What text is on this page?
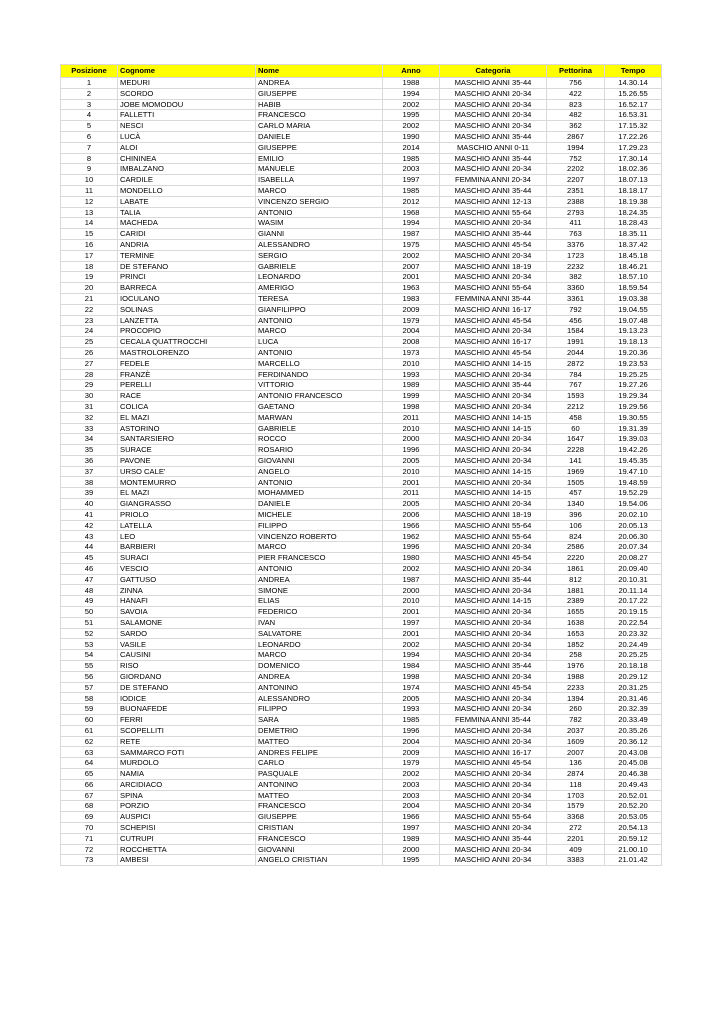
Posizione	Cognome	Nome	Anno	Categoria	Pettorina	Tempo
1	MEDURI	ANDREA	1988	MASCHIO ANNI 35-44	756	14.30.14
2	SCORDO	GIUSEPPE	1994	MASCHIO ANNI 20-34	422	15.26.55
3	JOBE MOMODOU	HABIB	2002	MASCHIO ANNI 20-34	823	16.52.17
4	FALLETTI	FRANCESCO	1995	MASCHIO ANNI 20-34	482	16.53.31
5	NESCI	CARLO MARIA	2002	MASCHIO ANNI 20-34	362	17.15.32
6	LUCÀ	DANIELE	1990	MASCHIO ANNI 35-44	2867	17.22.26
7	ALOI	GIUSEPPE	2014	MASCHIO ANNI 0-11	1994	17.29.23
8	CHININEA	EMILIO	1985	MASCHIO ANNI 35-44	752	17.30.14
9	IMBALZANO	MANUELE	2003	MASCHIO ANNI 20-34	2202	18.02.36
10	CARDILE	ISABELLA	1997	FEMMINA ANNI 20-34	2207	18.07.13
11	MONDELLO	MARCO	1985	MASCHIO ANNI 35-44	2351	18.18.17
12	LABATE	VINCENZO SERGIO	2012	MASCHIO ANNI 12-13	2388	18.19.38
13	TALIA	ANTONIO	1968	MASCHIO ANNI 55-64	2793	18.24.35
14	MACHEDA	WASIM	1994	MASCHIO ANNI 20-34	411	18.28.43
15	CARIDI	GIANNI	1987	MASCHIO ANNI 35-44	763	18.35.11
16	ANDRIA	ALESSANDRO	1975	MASCHIO ANNI 45-54	3376	18.37.42
17	TERMINE	SERGIO	2002	MASCHIO ANNI 20-34	1723	18.45.18
18	DE STEFANO	GABRIELE	2007	MASCHIO ANNI 18-19	2232	18.46.21
19	PRINCI	LEONARDO	2001	MASCHIO ANNI 20-34	382	18.57.10
20	BARRECA	AMERIGO	1963	MASCHIO ANNI 55-64	3360	18.59.54
21	IOCULANO	TERESA	1983	FEMMINA ANNI 35-44	3361	19.03.38
22	SOLINAS	GIANFILIPPO	2009	MASCHIO ANNI 16-17	792	19.04.55
23	LANZETTA	ANTONIO	1979	MASCHIO ANNI 45-54	456	19.07.48
24	PROCOPIO	MARCO	2004	MASCHIO ANNI 20-34	1584	19.13.23
25	CECALA QUATTROCCHI	LUCA	2008	MASCHIO ANNI 16-17	1991	19.18.13
26	MASTROLORENZO	ANTONIO	1973	MASCHIO ANNI 45-54	2044	19.20.36
27	FEDELE	MARCELLO	2010	MASCHIO ANNI 14-15	2872	19.23.53
28	FRANZÈ	FERDINANDO	1993	MASCHIO ANNI 20-34	784	19.25.25
29	PERELLI	VITTORIO	1989	MASCHIO ANNI 35-44	767	19.27.26
30	RACE	ANTONIO FRANCESCO	1999	MASCHIO ANNI 20-34	1593	19.29.34
31	COLICA	GAETANO	1998	MASCHIO ANNI 20-34	2212	19.29.56
32	EL MAZI	MARWAN	2011	MASCHIO ANNI 14-15	458	19.30.55
33	ASTORINO	GABRIELE	2010	MASCHIO ANNI 14-15	60	19.31.39
34	SANTARSIERO	ROCCO	2000	MASCHIO ANNI 20-34	1647	19.39.03
35	SURACE	ROSARIO	1996	MASCHIO ANNI 20-34	2228	19.42.26
36	PAVONE	GIOVANNI	2005	MASCHIO ANNI 20-34	141	19.45.35
37	URSO CALE'	ANGELO	2010	MASCHIO ANNI 14-15	1969	19.47.10
38	MONTEMURRO	ANTONIO	2001	MASCHIO ANNI 20-34	1505	19.48.59
39	EL MAZI	MOHAMMED	2011	MASCHIO ANNI 14-15	457	19.52.29
40	GIANGRASSO	DANIELE	2005	MASCHIO ANNI 20-34	1340	19.54.06
41	PRIOLO	MICHELE	2006	MASCHIO ANNI 18-19	396	20.02.10
42	LATELLA	FILIPPO	1966	MASCHIO ANNI 55-64	106	20.05.13
43	LEO	VINCENZO ROBERTO	1962	MASCHIO ANNI 55-64	824	20.06.30
44	BARBIERI	MARCO	1996	MASCHIO ANNI 20-34	2586	20.07.34
45	SURACI	PIER FRANCESCO	1980	MASCHIO ANNI 45-54	2220	20.08.27
46	VESCIO	ANTONIO	2002	MASCHIO ANNI 20-34	1861	20.09.40
47	GATTUSO	ANDREA	1987	MASCHIO ANNI 35-44	812	20.10.31
48	ZINNA	SIMONE	2000	MASCHIO ANNI 20-34	1881	20.11.14
49	HANAFI	ELIAS	2010	MASCHIO ANNI 14-15	2389	20.17.22
50	SAVOIA	FEDERICO	2001	MASCHIO ANNI 20-34	1655	20.19.15
51	SALAMONE	IVAN	1997	MASCHIO ANNI 20-34	1638	20.22.54
52	SARDO	SALVATORE	2001	MASCHIO ANNI 20-34	1653	20.23.32
53	VASILE	LEONARDO	2002	MASCHIO ANNI 20-34	1852	20.24.49
54	CAUSINI	MARCO	1994	MASCHIO ANNI 20-34	258	20.25.25
55	RISO	DOMENICO	1984	MASCHIO ANNI 35-44	1976	20.18.18
56	GIORDANO	ANDREA	1998	MASCHIO ANNI 20-34	1988	20.29.12
57	DE STEFANO	ANTONINO	1974	MASCHIO ANNI 45-54	2233	20.31.25
58	IODICE	ALESSANDRO	2005	MASCHIO ANNI 20-34	1394	20.31.46
59	BUONAFEDE	FILIPPO	1993	MASCHIO ANNI 20-34	260	20.32.39
60	FERRI	SARA	1985	FEMMINA ANNI 35-44	782	20.33.49
61	SCOPELLITI	DEMETRIO	1996	MASCHIO ANNI 20-34	2037	20.35.26
62	RETE	MATTEO	2004	MASCHIO ANNI 20-34	1609	20.36.12
63	SAMMARCO FOTI	ANDRES FELIPE	2009	MASCHIO ANNI 16-17	2007	20.43.08
64	MURDOLO	CARLO	1979	MASCHIO ANNI 45-54	136	20.45.08
65	NAMIA	PASQUALE	2002	MASCHIO ANNI 20-34	2874	20.46.38
66	ARCIDIACO	ANTONINO	2003	MASCHIO ANNI 20-34	118	20.49.43
67	SPINA	MATTEO	2003	MASCHIO ANNI 20-34	1703	20.52.01
68	PORZIO	FRANCESCO	2004	MASCHIO ANNI 20-34	1579	20.52.20
69	AUSPICI	GIUSEPPE	1966	MASCHIO ANNI 55-64	3368	20.53.05
70	SCHEPISI	CRISTIAN	1997	MASCHIO ANNI 20-34	272	20.54.13
71	CUTRUPI	FRANCESCO	1989	MASCHIO ANNI 35-44	2201	20.59.12
72	ROCCHETTA	GIOVANNI	2000	MASCHIO ANNI 20-34	409	21.00.10
73	AMBESI	ANGELO CRISTIAN	1995	MASCHIO ANNI 20-34	3383	21.01.42
